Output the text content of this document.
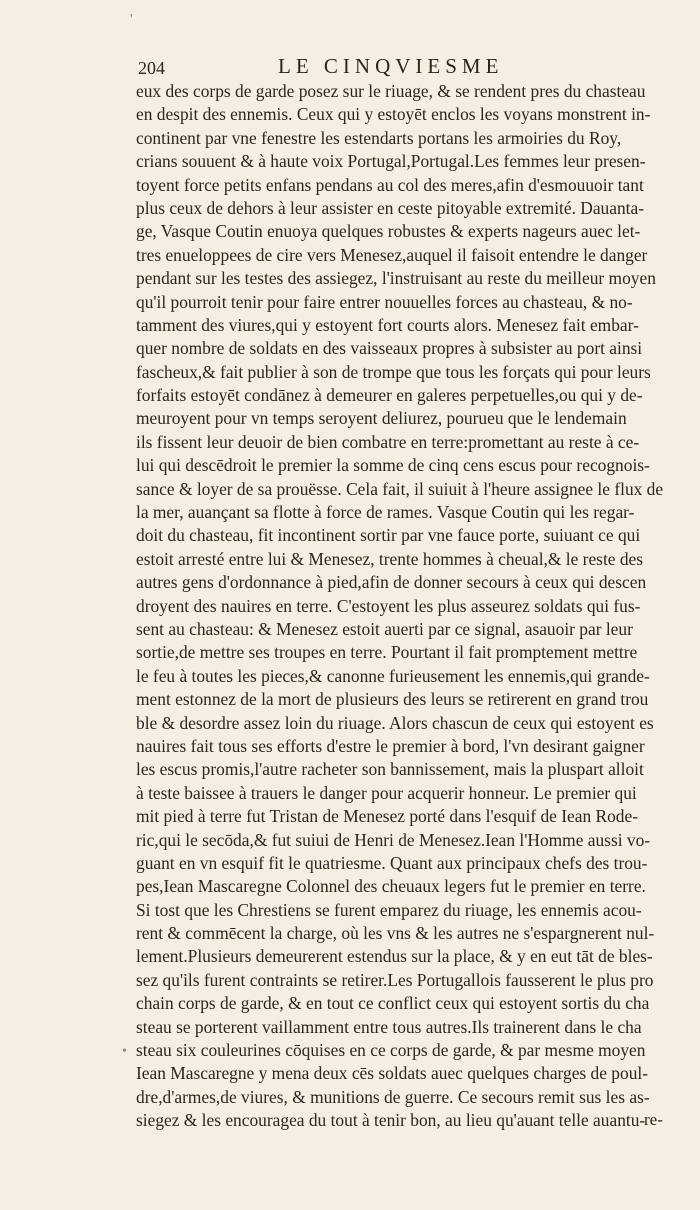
'
204	LE CINQVIESME
eux des corps de garde posez sur le riuage, & se rendent pres du chasteau
en despit des ennemis. Ceux qui y estoyēt enclos les voyans monstrent in-
continent par vne fenestre les estendarts portans les armoiries du Roy,
crians souuent & à haute voix Portugal,Portugal.Les femmes leur presen-
toyent force petits enfans pendans au col des meres,afin d'esmouuoir tant
plus ceux de dehors à leur assister en ceste pitoyable extremité. Dauanta-
ge, Vasque Coutin enuoya quelques robustes & experts nageurs auec let-
tres enueloppees de cire vers Menesez,auquel il faisoit entendre le danger
pendant sur les testes des assiegez, l'instruisant au reste du meilleur moyen
qu'il pourroit tenir pour faire entrer nouuelles forces au chasteau, & no-
tamment des viures,qui y estoyent fort courts alors. Menesez fait embar-
quer nombre de soldats en des vaisseaux propres à subsister au port ainsi
fascheux,& fait publier à son de trompe que tous les forçats qui pour leurs
forfaits estoyēt condānez à demeurer en galeres perpetuelles,ou qui y de-
meuroyent pour vn temps seroyent deliurez, pourueu que le lendemain
ils fissent leur deuoir de bien combatre en terre:promettant au reste à ce-
lui qui descēdroit le premier la somme de cinq cens escus pour recognois-
sance & loyer de sa prouësse. Cela fait, il suiuit à l'heure assignee le flux de
la mer, auançant sa flotte à force de rames. Vasque Coutin qui les regar-
doit du chasteau, fit incontinent sortir par vne fauce porte, suiuant ce qui
estoit arresté entre lui & Menesez, trente hommes à cheual,& le reste des
autres gens d'ordonnance à pied,afin de donner secours à ceux qui descen
droyent des nauires en terre. C'estoyent les plus asseurez soldats qui fus-
sent au chasteau: & Menesez estoit auerti par ce signal, asauoir par leur
sortie,de mettre ses troupes en terre. Pourtant il fait promptement mettre
le feu à toutes les pieces,& canonne furieusement les ennemis,qui grande-
ment estonnez de la mort de plusieurs des leurs se retirerent en grand trou
ble & desordre assez loin du riuage. Alors chascun de ceux qui estoyent es
nauires fait tous ses efforts d'estre le premier à bord, l'vn desirant gaigner
les escus promis,l'autre racheter son bannissement, mais la pluspart alloit
à teste baissee à trauers le danger pour acquerir honneur. Le premier qui
mit pied à terre fut Tristan de Menesez porté dans l'esquif de Iean Rode-
ric,qui le secōda,& fut suiui de Henri de Menesez.Iean l'Homme aussi vo-
guant en vn esquif fit le quatriesme. Quant aux principaux chefs des trou-
pes,Iean Mascaregne Colonnel des cheuaux legers fut le premier en terre.
Si tost que les Chrestiens se furent emparez du riuage, les ennemis acou-
rent & commēcent la charge, où les vns & les autres ne s'espargnerent nul-
lement.Plusieurs demeurerent estendus sur la place, & y en eut tāt de bles-
sez qu'ils furent contraints se retirer.Les Portugallois fausserent le plus pro
chain corps de garde, & en tout ce conflict ceux qui estoyent sortis du cha
steau se porterent vaillamment entre tous autres.Ils trainerent dans le cha
steau six couleurines cōquises en ce corps de garde, & par mesme moyen
Iean Mascaregne y mena deux cēs soldats auec quelques charges de poul-
dre,d'armes,de viures, & munitions de guerre. Ce secours remit sus les as-
siegez & les encouragea du tout à tenir bon, au lieu qu'auant telle auantu-
•
re-
